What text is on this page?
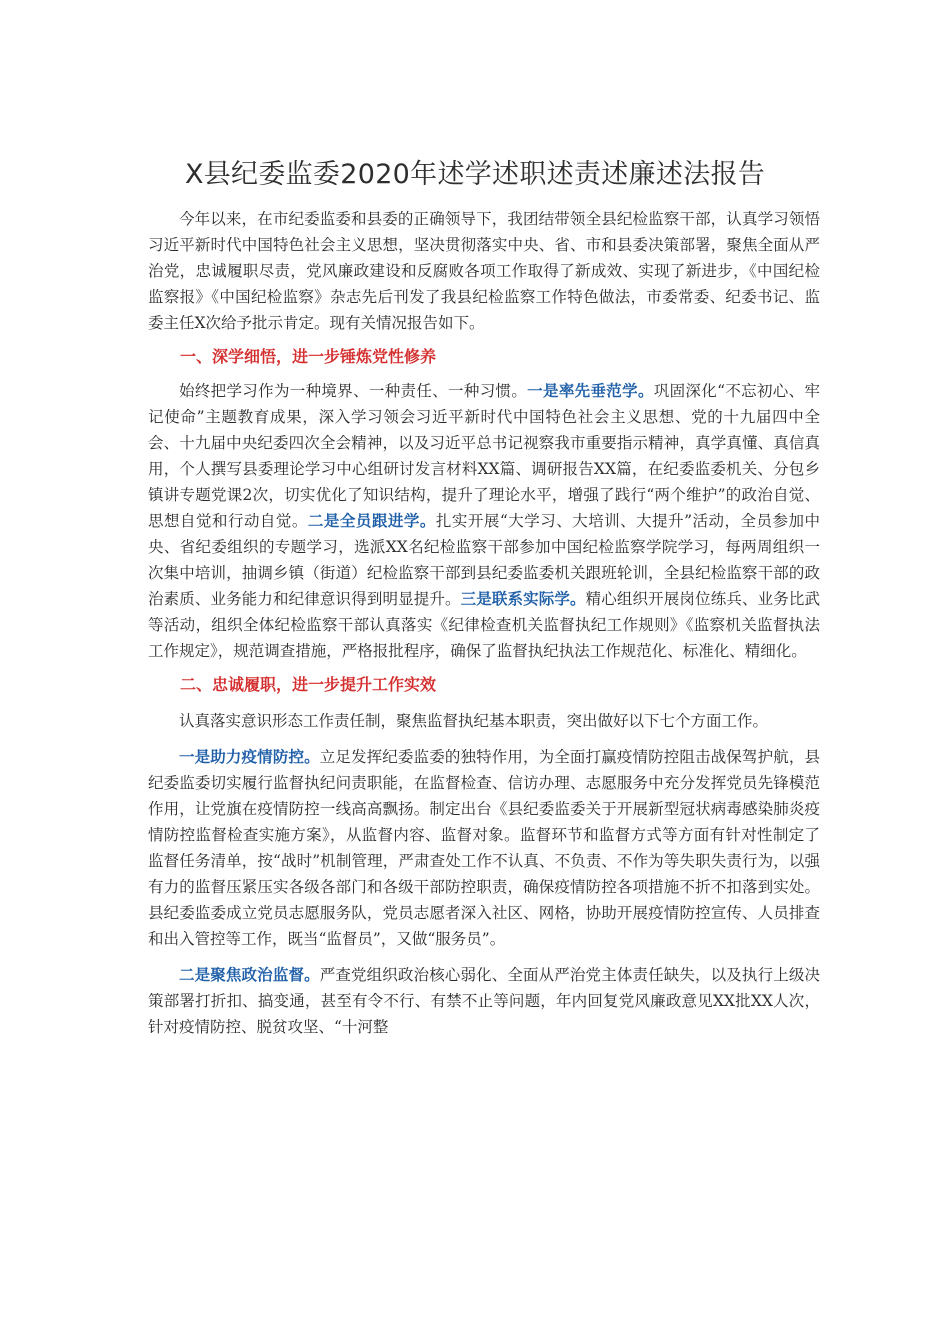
X县纪委监委2020年述学述职述责述廉述法报告

今年以来，在市纪委监委和县委的正确领导下，我团结带领全县纪检监察干部，认真学习领悟习近平新时代中国特色社会主义思想，坚决贯彻落实中央、省、市和县委决策部署，聚焦全面从严治党，忠诚履职尽责，党风廉政建设和反腐败各项工作取得了新成效、实现了新进步，《中国纪检监察报》《中国纪检监察》杂志先后刊发了我县纪检监察工作特色做法，市委常委、纪委书记、监委主任X次给予批示肯定。现有关情况报告如下。

一、深学细悟，进一步锤炼党性修养

始终把学习作为一种境界、一种责任、一种习惯。一是率先垂范学。巩固深化“不忘初心、牢记使命”主题教育成果，深入学习领会习近平新时代中国特色社会主义思想、党的十九届四中全会、十九届中央纪委四次全会精神，以及习近平总书记视察我市重要指示精神，真学真懂、真信真用，个人撰写县委理论学习中心组研讨发言材料XX篇、调研报告XX篇，在纪委监委机关、分包乡镇讲专题党课2次，切实优化了知识结构，提升了理论水平，增强了践行“两个维护”的政治自觉、思想自觉和行动自觉。二是全员跟进学。扎实开展“大学习、大培训、大提升”活动，全员参加中央、省纪委组织的专题学习，选派XX名纪检监察干部参加中国纪检监察学院学习，每两周组织一次集中培训，抽调乡镇（街道）纪检监察干部到县纪委监委机关跟班轮训，全县纪检监察干部的政治素质、业务能力和纪律意识得到明显提升。三是联系实际学。精心组织开展岗位练兵、业务比武等活动，组织全体纪检监察干部认真落实《纪律检查机关监督执纪工作规则》《监察机关监督执法工作规定》，规范调查措施，严格报批程序，确保了监督执纪执法工作规范化、标准化、精细化。

二、忠诚履职，进一步提升工作实效

认真落实意识形态工作责任制，聚焦监督执纪基本职责，突出做好以下七个方面工作。

一是助力疫情防控。立足发挥纪委监委的独特作用，为全面打赢疫情防控阻击战保驾护航，县纪委监委切实履行监督执纪问责职能，在监督检查、信访办理、志愿服务中充分发挥党员先锋模范作用，让党旗在疫情防控一线高高飘扬。制定出台《县纪委监委关于开展新型冠状病毒感染肺炎疫情防控监督检查实施方案》，从监督内容、监督对象。监督环节和监督方式等方面有针对性制定了监督任务清单，按“战时”机制管理，严肃查处工作不认真、不负责、不作为等失职失责行为，以强有力的监督压紧压实各级各部门和各级干部防控职责，确保疫情防控各项措施不折不扣落到实处。县纪委监委成立党员志愿服务队，党员志愿者深入社区、网格，协助开展疫情防控宣传、人员排查和出入管控等工作，既当“监督员”，又做“服务员”。

二是聚焦政治监督。严查党组织政治核心弱化、全面从严治党主体责任缺失，以及执行上级决策部署打折扣、搞变通，甚至有令不行、有禁不止等问题，年内回复党风廉政意见XX批XX人次，针对疫情防控、脱贫攻坚、“十河整
